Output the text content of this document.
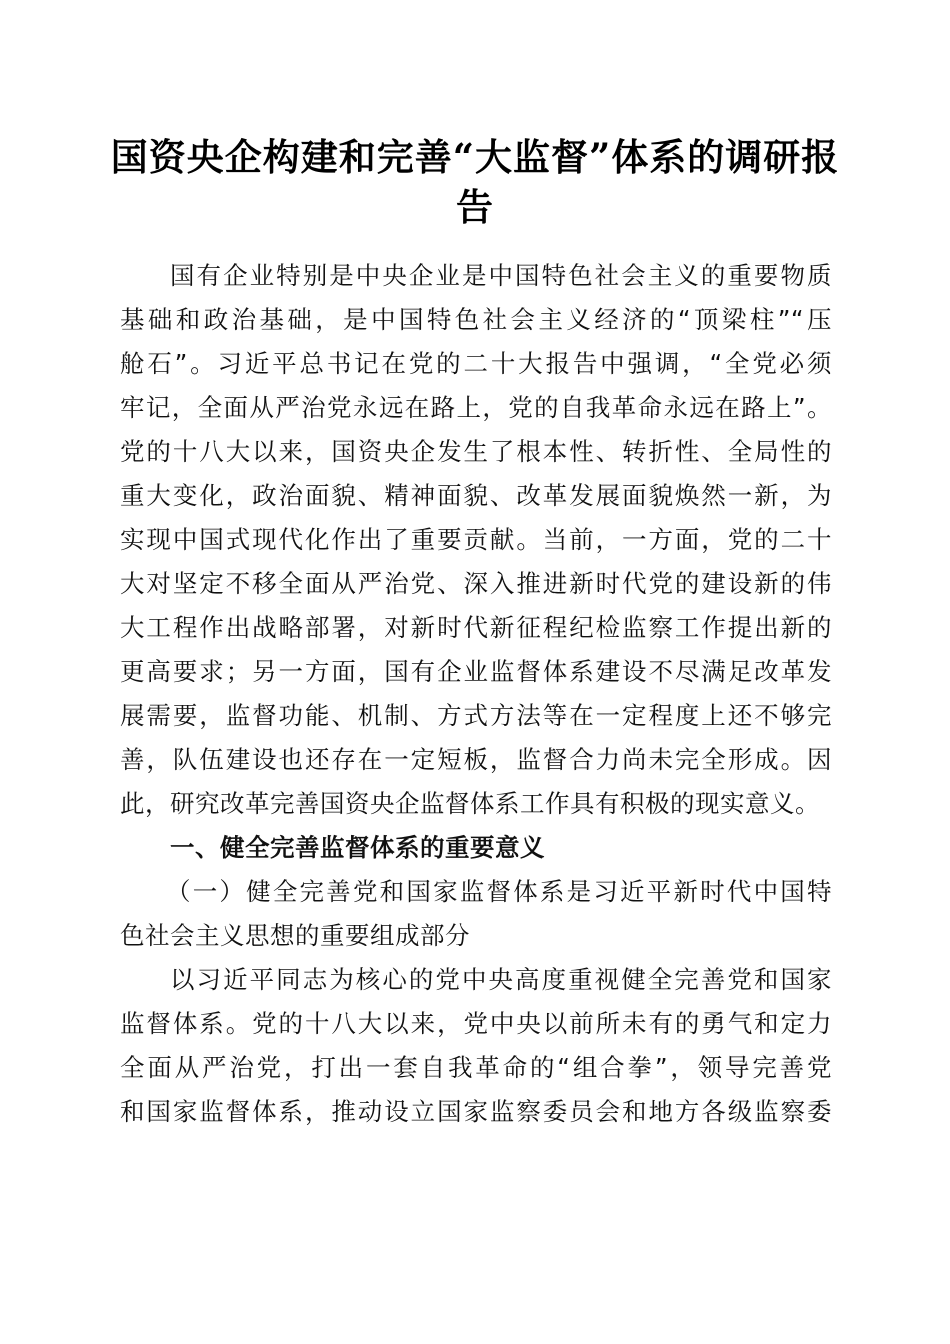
国资央企构建和完善“大监督”体系的调研报
告
国有企业特别是中央企业是中国特色社会主义的重要物质
基础和政治基础，是中国特色社会主义经济的“顶梁柱”“压
舱石”。习近平总书记在党的二十大报告中强调，“全党必须
牢记，全面从严治党永远在路上，党的自我革命永远在路上”。
党的十八大以来，国资央企发生了根本性、转折性、全局性的
重大变化，政治面貌、精神面貌、改革发展面貌焕然一新，为
实现中国式现代化作出了重要贡献。当前，一方面，党的二十
大对坚定不移全面从严治党、深入推进新时代党的建设新的伟
大工程作出战略部署，对新时代新征程纪检监察工作提出新的
更高要求；另一方面，国有企业监督体系建设不尽满足改革发
展需要，监督功能、机制、方式方法等在一定程度上还不够完
善，队伍建设也还存在一定短板，监督合力尚未完全形成。因
此，研究改革完善国资央企监督体系工作具有积极的现实意义。
一、健全完善监督体系的重要意义
（一）健全完善党和国家监督体系是习近平新时代中国特
色社会主义思想的重要组成部分
以习近平同志为核心的党中央高度重视健全完善党和国家
监督体系。党的十八大以来，党中央以前所未有的勇气和定力
全面从严治党，打出一套自我革命的“组合拳”，领导完善党
和国家监督体系，推动设立国家监察委员会和地方各级监察委
